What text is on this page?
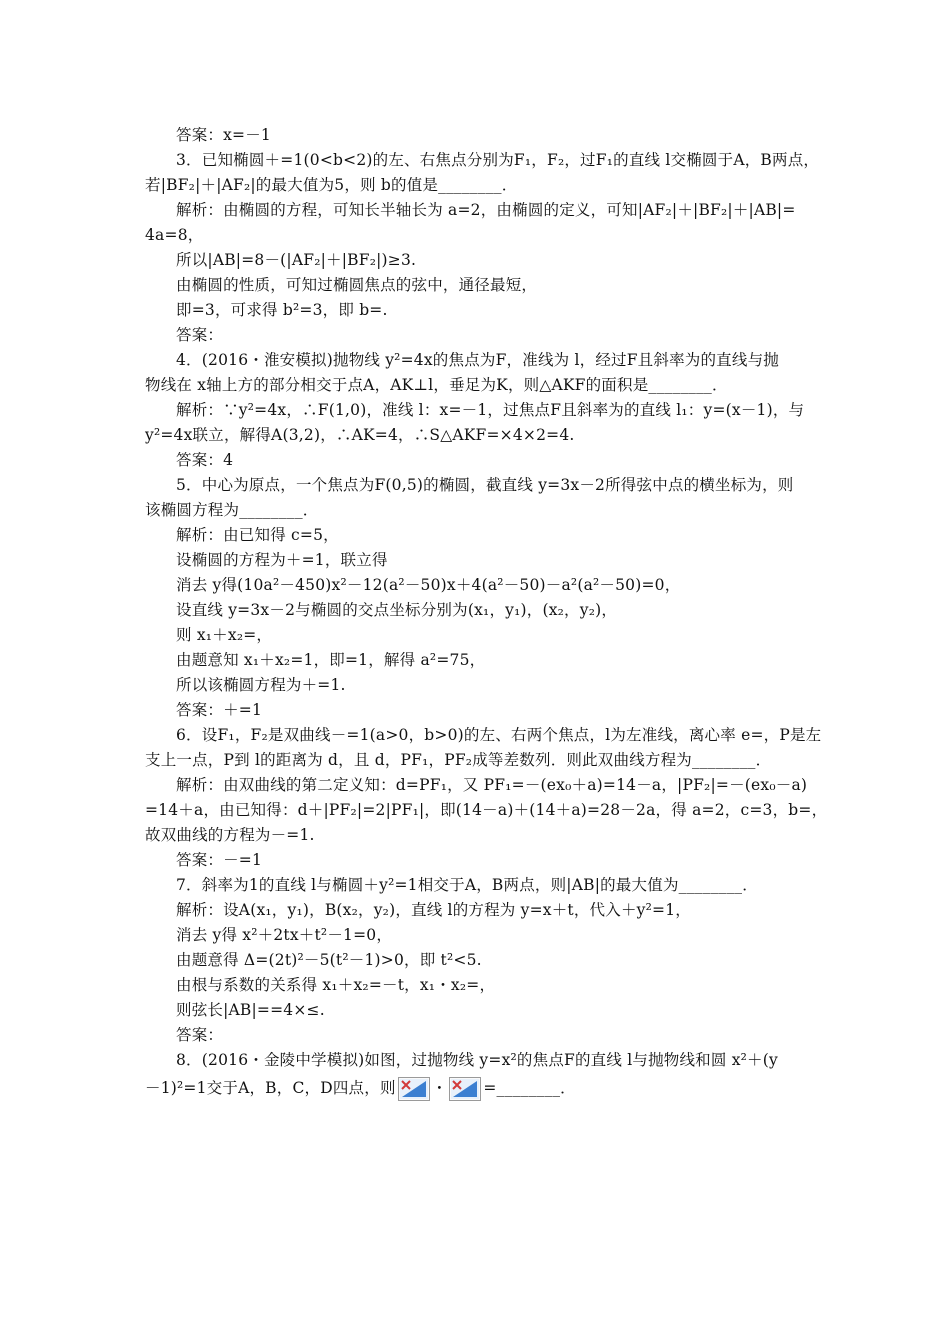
答案：x=－1
3．已知椭圆＋=1(0<b<2)的左、右焦点分别为F₁，F₂，过F₁的直线 l交椭圆于A，B两点，
若|BF₂|＋|AF₂|的最大值为5，则 b的值是________．
解析：由椭圆的方程，可知长半轴长为 a=2，由椭圆的定义，可知|AF₂|＋|BF₂|＋|AB|=
4a=8，
所以|AB|=8－(|AF₂|＋|BF₂|)≥3.
由椭圆的性质，可知过椭圆焦点的弦中，通径最短，
即=3，可求得 b²=3，即 b=.
答案：
4．(2016・淮安模拟)抛物线 y²=4x的焦点为F，准线为 l，经过F且斜率为的直线与抛
物线在 x轴上方的部分相交于点A，AK⊥l，垂足为K，则△AKF的面积是________．
解析：∵y²=4x，∴F(1,0)，准线 l：x=－1，过焦点F且斜率为的直线 l₁：y=(x－1)，与
y²=4x联立，解得A(3,2)，∴AK=4，∴S△AKF=×4×2=4.
答案：4
5．中心为原点，一个焦点为F(0,5)的椭圆，截直线 y=3x－2所得弦中点的横坐标为，则
该椭圆方程为________．
解析：由已知得 c=5，
设椭圆的方程为＋=1，联立得
消去 y得(10a²－450)x²－12(a²－50)x＋4(a²－50)－a²(a²－50)=0，
设直线 y=3x－2与椭圆的交点坐标分别为(x₁，y₁)，(x₂，y₂)，
则 x₁＋x₂=，
由题意知 x₁＋x₂=1，即=1，解得 a²=75，
所以该椭圆方程为＋=1.
答案：＋=1
6．设F₁，F₂是双曲线－=1(a>0，b>0)的左、右两个焦点，l为左准线，离心率 e=，P是左
支上一点，P到 l的距离为 d，且 d，PF₁，PF₂成等差数列．则此双曲线方程为________．
解析：由双曲线的第二定义知：d=PF₁，又 PF₁=－(ex₀＋a)=14－a，|PF₂|=－(ex₀－a)
=14＋a，由已知得：d＋|PF₂|=2|PF₁|，即(14－a)＋(14＋a)=28－2a，得 a=2，c=3，b=，
故双曲线的方程为－=1.
答案：－=1
7．斜率为1的直线 l与椭圆＋y²=1相交于A，B两点，则|AB|的最大值为________．
解析：设A(x₁，y₁)，B(x₂，y₂)，直线 l的方程为 y=x＋t，代入＋y²=1，
消去 y得 x²＋2tx＋t²－1=0，
由题意得 Δ=(2t)²－5(t²－1)>0，即 t²<5.
由根与系数的关系得 x₁＋x₂=－t，x₁・x₂=，
则弦长|AB|==4×≤.
答案：
8．(2016・金陵中学模拟)如图，过抛物线 y=x²的焦点F的直线 l与抛物线和圆 x²＋(y
－1)²=1交于A，B，C，D四点，则 ・ =________．
